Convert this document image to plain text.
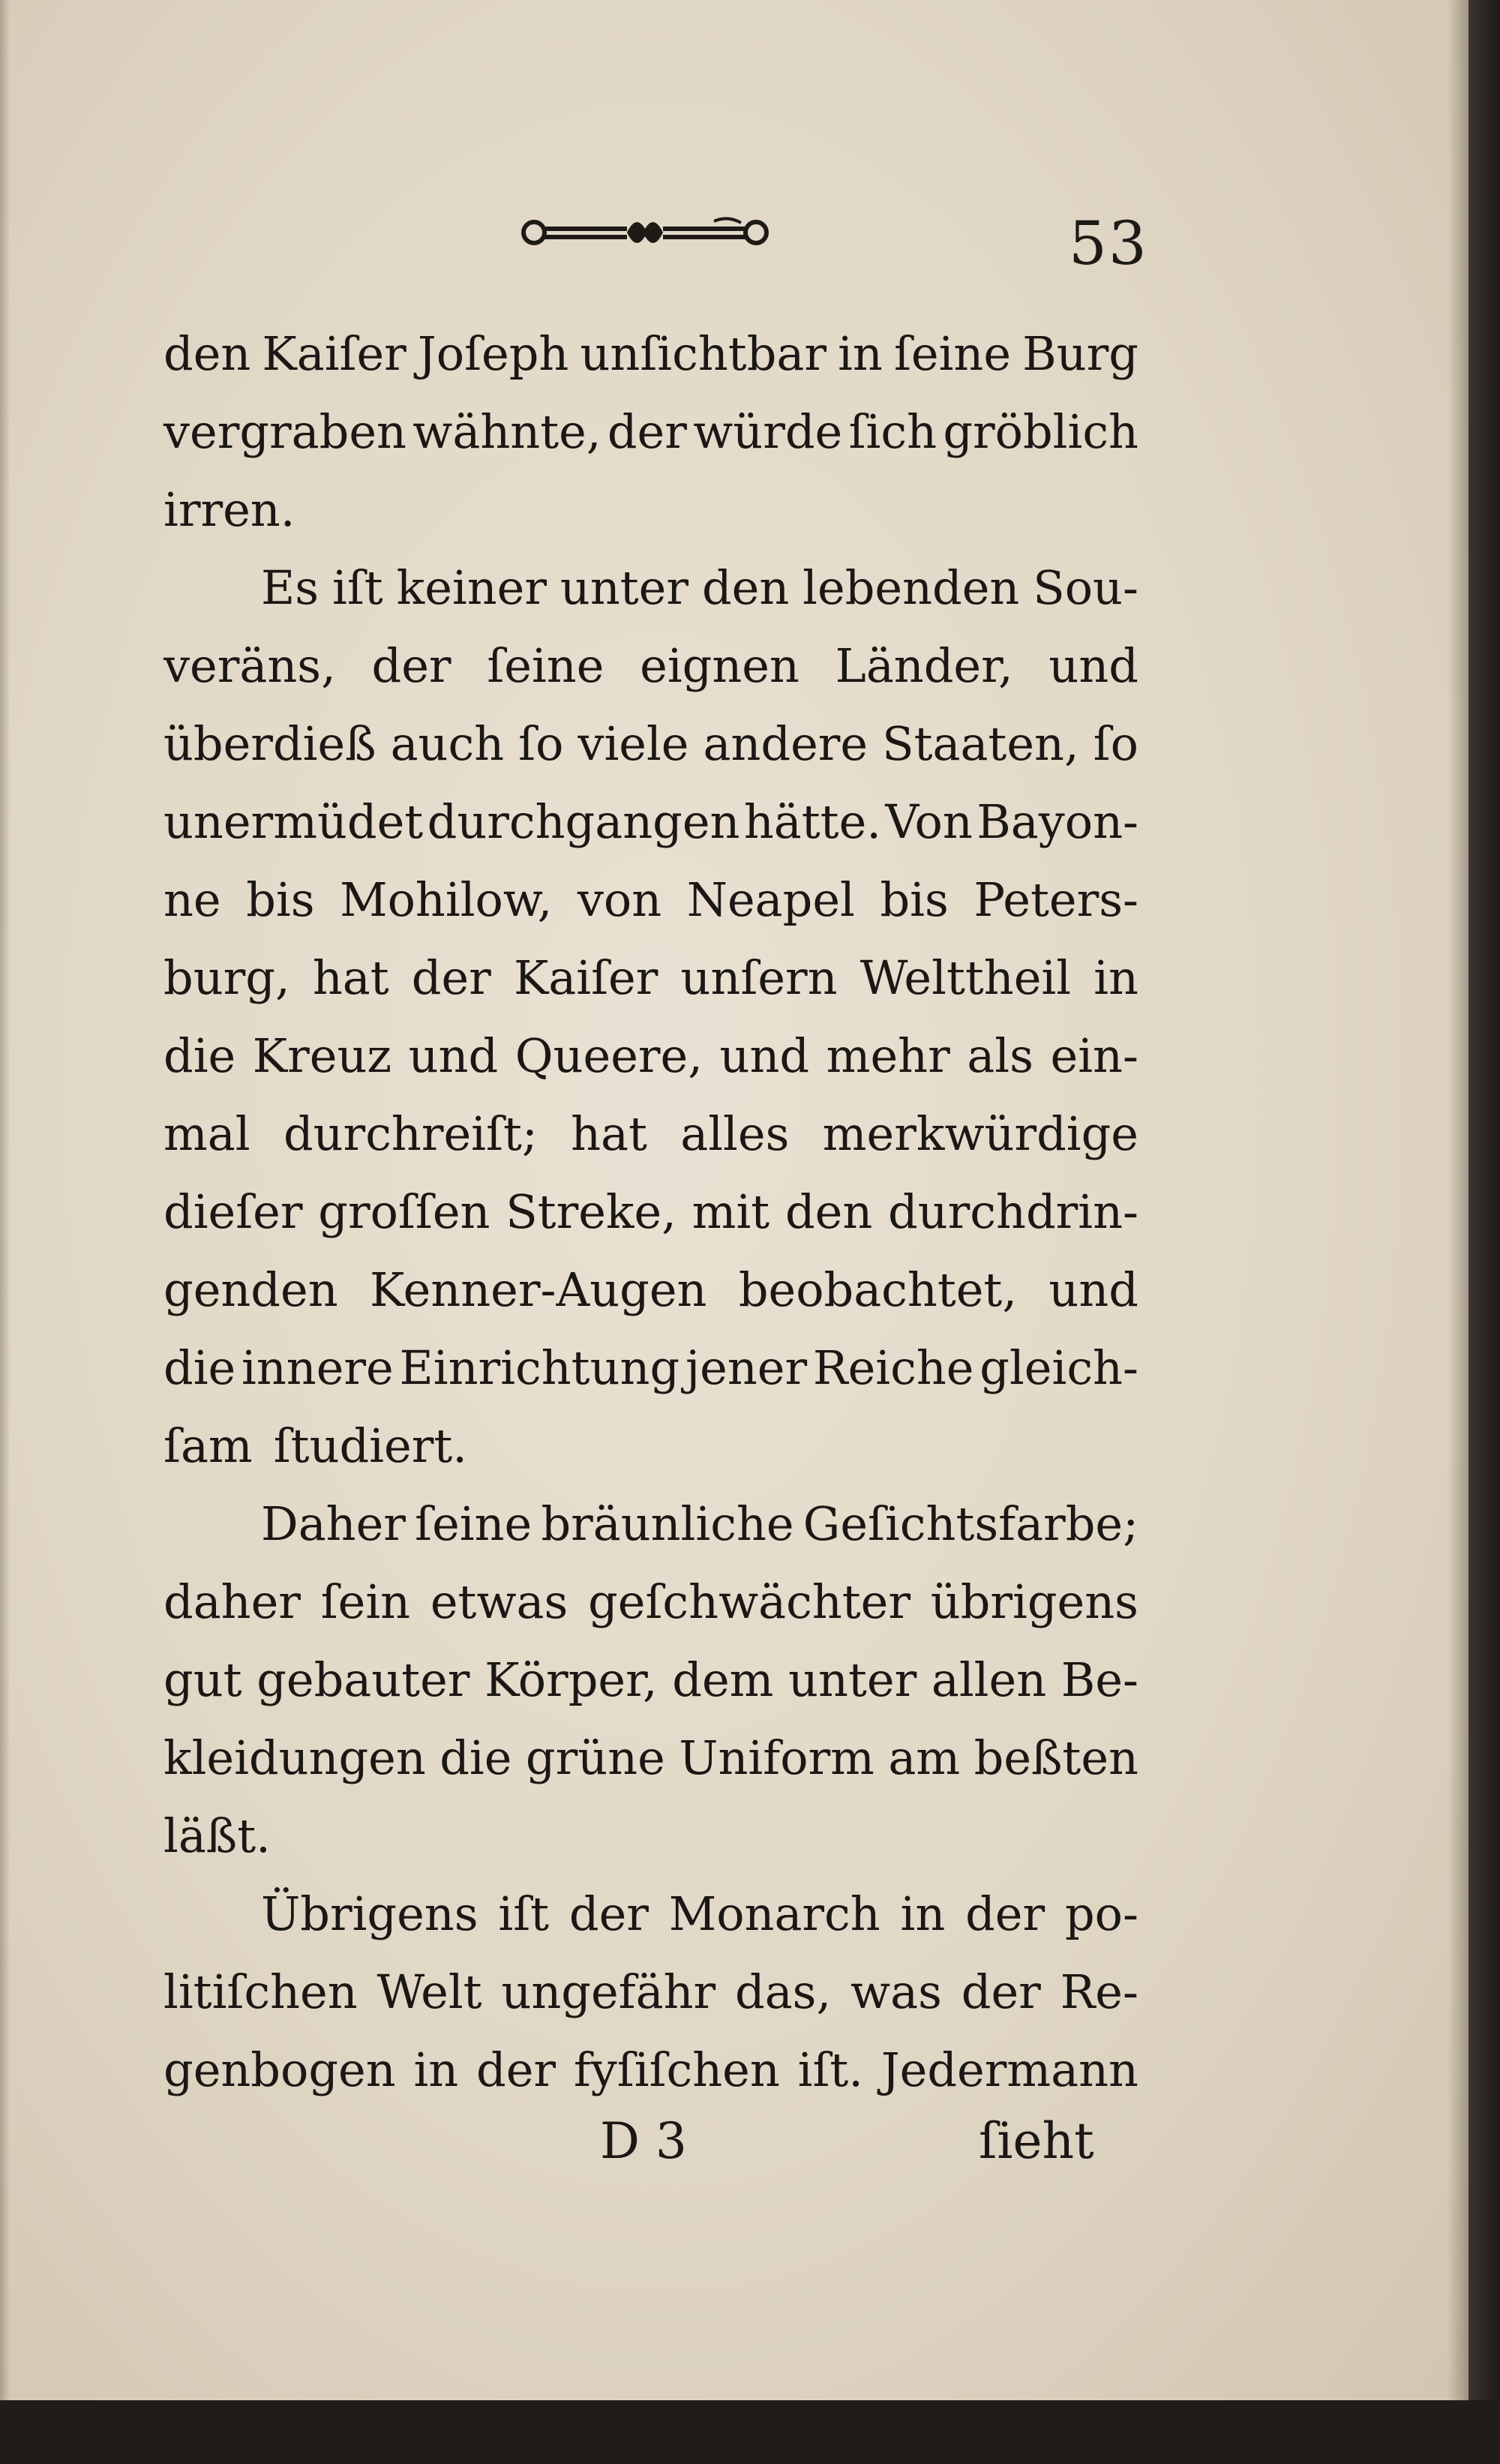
53
den Kaiſer Joſeph unſichtbar in ſeine Burg
vergraben wähnte, der würde ſich gröblich
irren.
Es iſt keiner unter den lebenden Sou-
veräns, der ſeine eignen Länder, und
überdieß auch ſo viele andere Staaten, ſo
unermüdet durchgangen hätte. Von Bayon-
ne bis Mohilow, von Neapel bis Peters-
burg, hat der Kaiſer unſern Welttheil in
die Kreuz und Queere, und mehr als ein-
mal durchreiſt; hat alles merkwürdige
dieſer groſſen Streke, mit den durchdrin-
genden Kenner-Augen beobachtet, und
die innere Einrichtung jener Reiche gleich-
ſam ſtudiert.
Daher ſeine bräunliche Geſichtsfarbe;
daher ſein etwas geſchwächter übrigens
gut gebauter Körper, dem unter allen Be-
kleidungen die grüne Uniform am beßten
läßt.
Übrigens iſt der Monarch in der po-
litiſchen Welt ungefähr das, was der Re-
genbogen in der fyſiſchen iſt. Jedermann
D 3	ſieht
